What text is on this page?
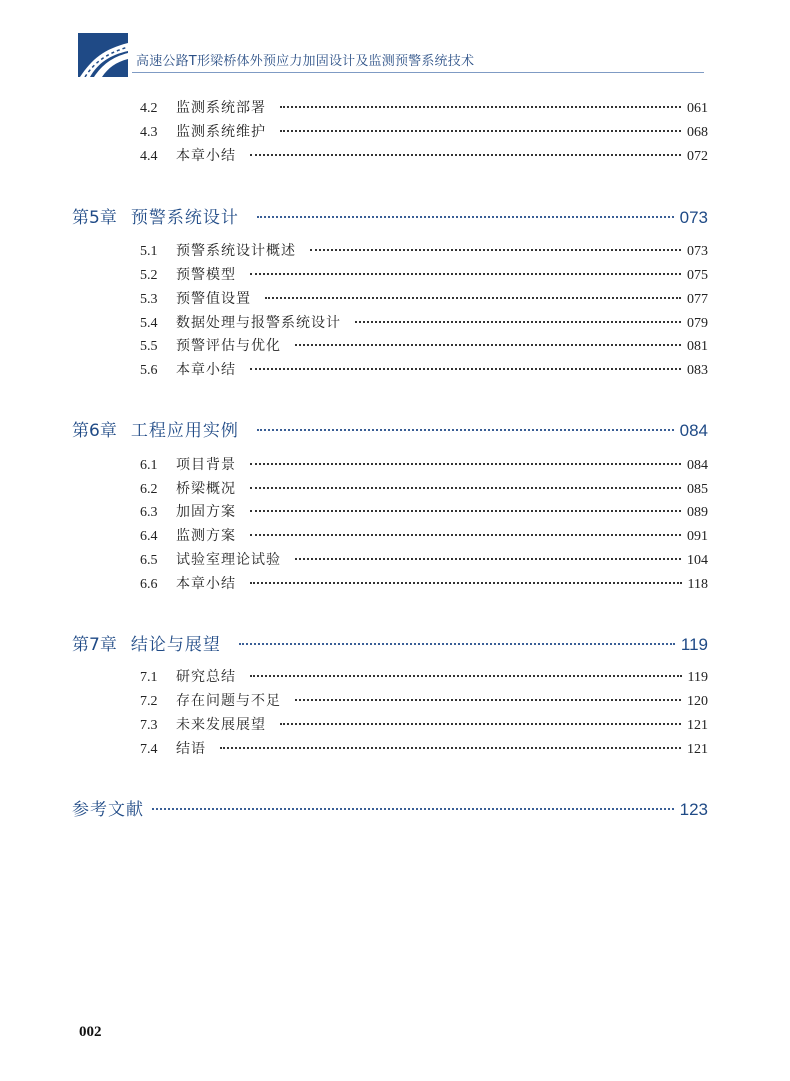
高速公路T形梁桥体外预应力加固设计及监测预警系统技术
4.2	监测系统部署	061
4.3	监测系统维护	068
4.4	本章小结	072
第5章 预警系统设计	073
5.1	预警系统设计概述	073
5.2	预警模型	075
5.3	预警值设置	077
5.4	数据处理与报警系统设计	079
5.5	预警评估与优化	081
5.6	本章小结	083
第6章 工程应用实例	084
6.1	项目背景	084
6.2	桥梁概况	085
6.3	加固方案	089
6.4	监测方案	091
6.5	试验室理论试验	104
6.6	本章小结	118
第7章 结论与展望	119
7.1	研究总结	119
7.2	存在问题与不足	120
7.3	未来发展展望	121
7.4	结语	121
参考文献	123
002
